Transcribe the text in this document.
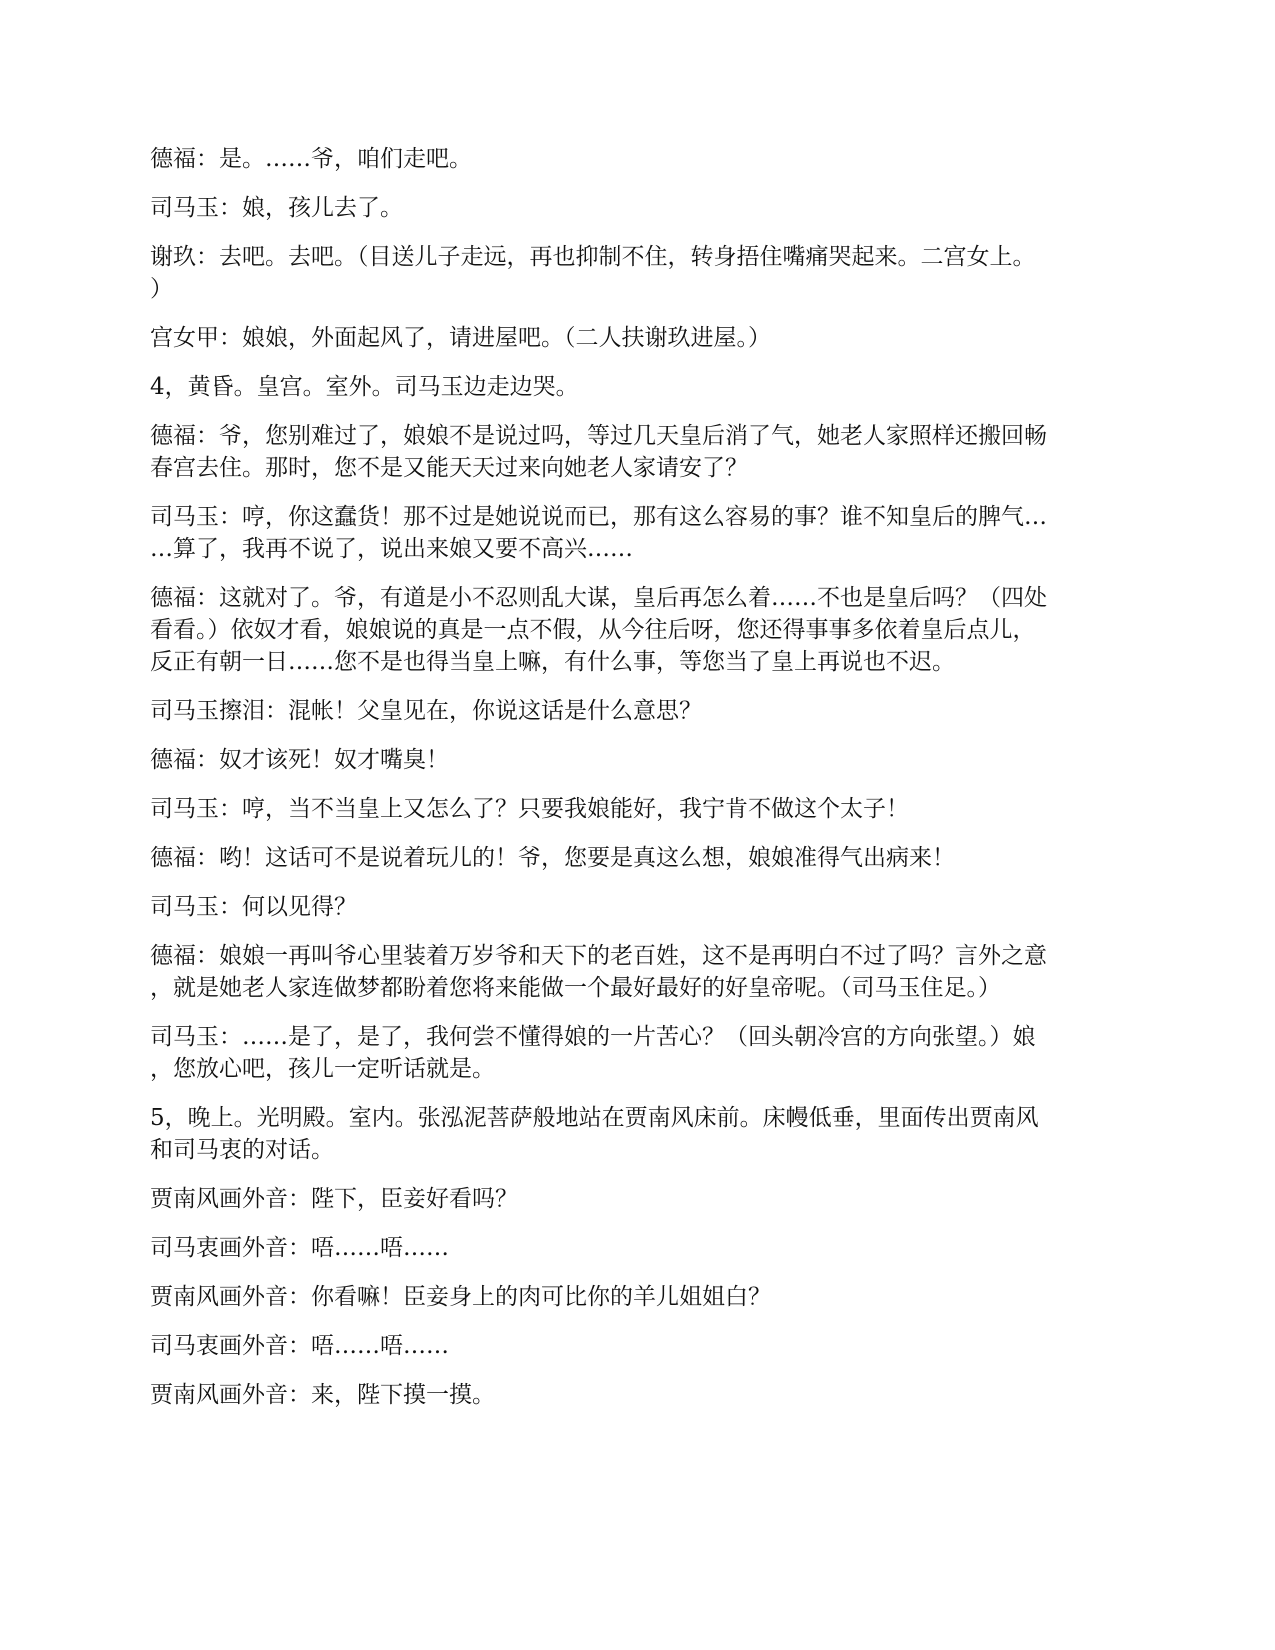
德福：是。……爷，咱们走吧。

司马玉：娘，孩儿去了。

谢玖：去吧。去吧。（目送儿子走远，再也抑制不住，转身捂住嘴痛哭起来。二宫女上。
）

宫女甲：娘娘，外面起风了，请进屋吧。（二人扶谢玖进屋。）

4，黄昏。皇宫。室外。司马玉边走边哭。

德福：爷，您别难过了，娘娘不是说过吗，等过几天皇后消了气，她老人家照样还搬回畅
春宫去住。那时，您不是又能天天过来向她老人家请安了？

司马玉：哼，你这蠢货！那不过是她说说而已，那有这么容易的事？谁不知皇后的脾气…
…算了，我再不说了，说出来娘又要不高兴……

德福：这就对了。爷，有道是小不忍则乱大谋，皇后再怎么着……不也是皇后吗？（四处
看看。）依奴才看，娘娘说的真是一点不假，从今往后呀，您还得事事多依着皇后点儿，
反正有朝一日……您不是也得当皇上嘛，有什么事，等您当了皇上再说也不迟。

司马玉擦泪：混帐！父皇见在，你说这话是什么意思？

德福：奴才该死！奴才嘴臭！

司马玉：哼，当不当皇上又怎么了？只要我娘能好，我宁肯不做这个太子！

德福：哟！这话可不是说着玩儿的！爷，您要是真这么想，娘娘准得气出病来！

司马玉：何以见得？

德福：娘娘一再叫爷心里装着万岁爷和天下的老百姓，这不是再明白不过了吗？言外之意
，就是她老人家连做梦都盼着您将来能做一个最好最好的好皇帝呢。（司马玉住足。）

司马玉：……是了，是了，我何尝不懂得娘的一片苦心？（回头朝冷宫的方向张望。）娘
，您放心吧，孩儿一定听话就是。

5，晚上。光明殿。室内。张泓泥菩萨般地站在贾南风床前。床幔低垂，里面传出贾南风
和司马衷的对话。

贾南风画外音：陛下，臣妾好看吗？

司马衷画外音：唔……唔……

贾南风画外音：你看嘛！臣妾身上的肉可比你的羊儿姐姐白？

司马衷画外音：唔……唔……

贾南风画外音：来，陛下摸一摸。
